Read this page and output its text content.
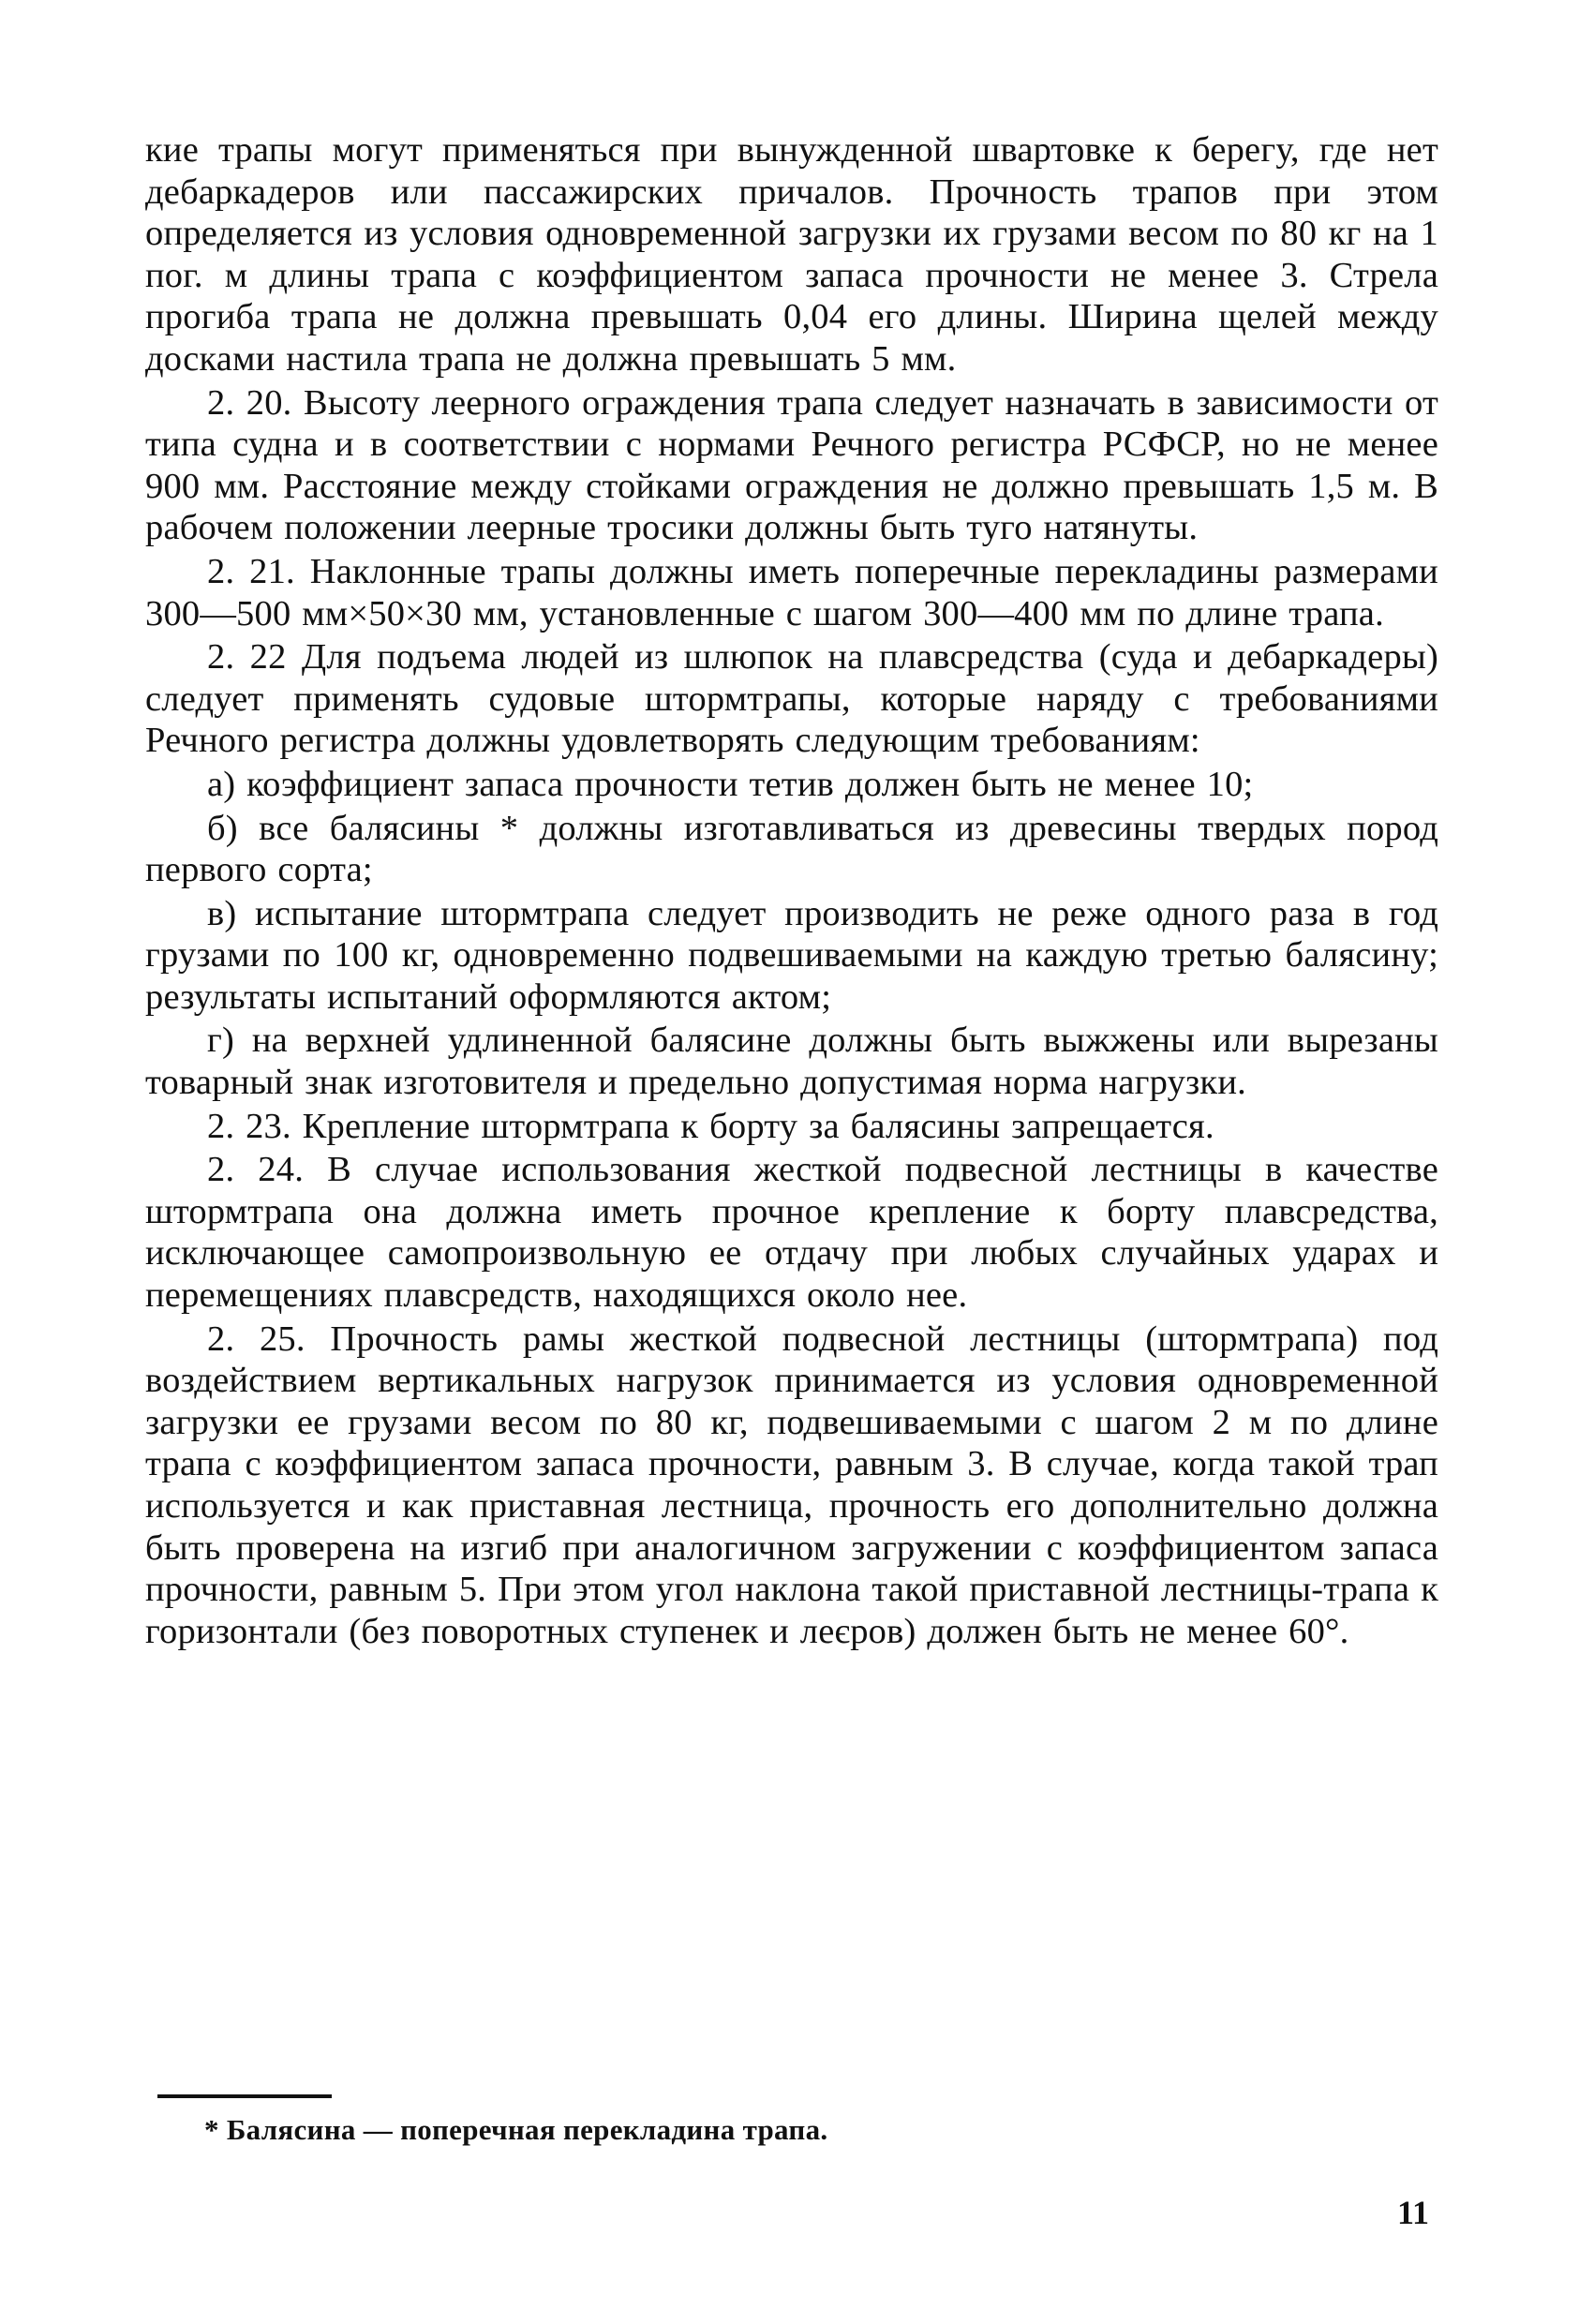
кие трапы могут применяться при вынужденной швартовке к берегу, где нет дебаркадеров или пассажирских причалов. Прочность трапов при этом определяется из условия одновременной загрузки их грузами весом по 80 кг на 1 пог. м длины трапа с коэффициентом запаса прочности не менее 3. Стрела прогиба трапа не должна превышать 0,04 его длины. Ширина щелей между досками настила трапа не должна превышать 5 мм.

2. 20. Высоту леерного ограждения трапа следует назначать в зависимости от типа судна и в соответствии с нормами Речного регистра РСФСР, но не менее 900 мм. Расстояние между стойками ограждения не должно превышать 1,5 м. В рабочем положении леерные тросики должны быть туго натянуты.

2. 21. Наклонные трапы должны иметь поперечные перекладины размерами 300—500 мм×50×30 мм, установленные с шагом 300—400 мм по длине трапа.

2. 22 Для подъема людей из шлюпок на плавсредства (суда и дебаркадеры) следует применять судовые штормтрапы, которые наряду с требованиями Речного регистра должны удовлетворять следующим требованиям:

а) коэффициент запаса прочности тетив должен быть не менее 10;

б) все балясины * должны изготавливаться из древесины твердых пород первого сорта;

в) испытание штормтрапа следует производить не реже одного раза в год грузами по 100 кг, одновременно подвешиваемыми на каждую третью балясину; результаты испытаний оформляются актом;

г) на верхней удлиненной балясине должны быть выжжены или вырезаны товарный знак изготовителя и предельно допустимая норма нагрузки.

2. 23. Крепление штормтрапа к борту за балясины запрещается.

2. 24. В случае использования жесткой подвесной лестницы в качестве штормтрапа она должна иметь прочное крепление к борту плавсредства, исключающее самопроизвольную ее отдачу при любых случайных ударах и перемещениях плавсредств, находящихся около нее.

2. 25. Прочность рамы жесткой подвесной лестницы (штормтрапа) под воздействием вертикальных нагрузок принимается из условия одновременной загрузки ее грузами весом по 80 кг, подвешиваемыми с шагом 2 м по длине трапа с коэффициентом запаса прочности, равным 3. В случае, когда такой трап используется и как приставная лестница, прочность его дополнительно должна быть проверена на изгиб при аналогичном загружении с коэффициентом запаса прочности, равным 5. При этом угол наклона такой приставной лестницы-трапа к горизонтали (без поворотных ступенек и леєров) должен быть не менее 60°.

* Балясина — поперечная перекладина трапа.
11
